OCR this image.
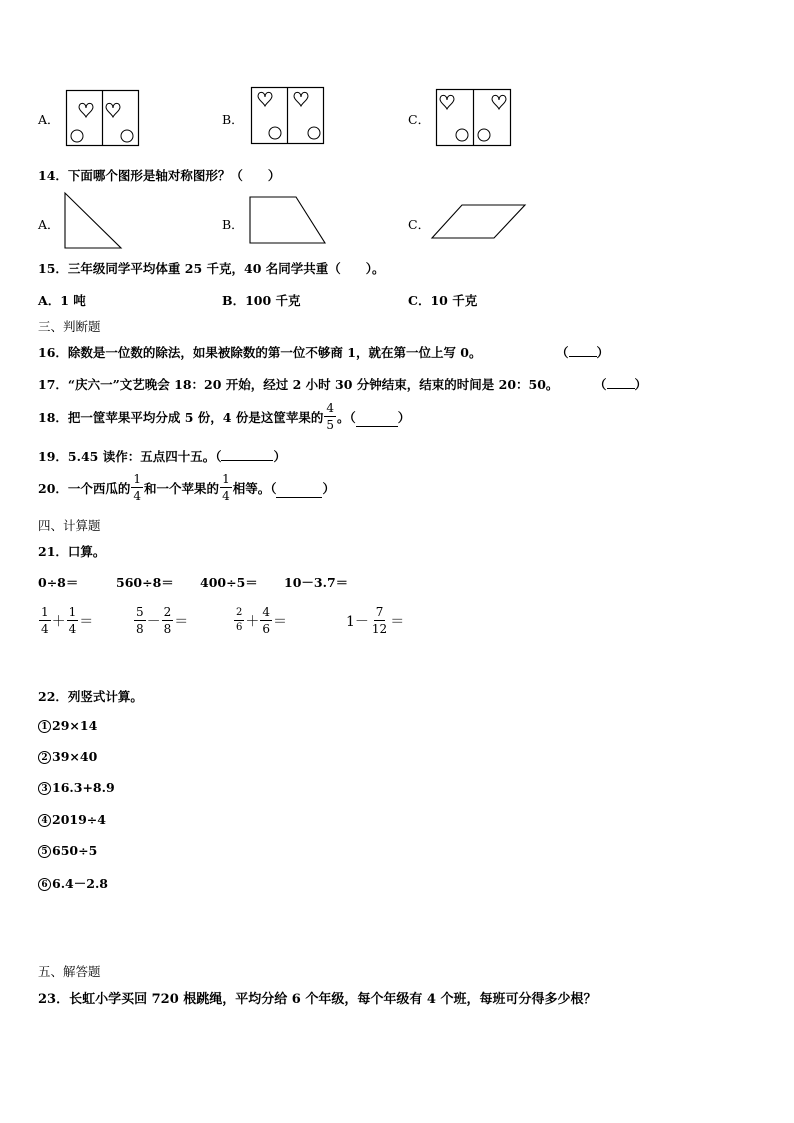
A．	B．	C．
14．下面哪个图形是轴对称图形？（　　）
A．	B．	C．
15．三年级同学平均体重 25 千克，40 名同学共重（　　）。
A．1 吨	B．100 千克	C．10 千克
三、判断题
16．除数是一位数的除法，如果被除数的第一位不够商 1，就在第一位上写 0。	（ ）
17．“庆六一”文艺晚会 18：20 开始，经过 2 小时 30 分钟结束，结束的时间是 20：50。	（ ）
18．把一筐苹果平均分成 5 份，4 份是这筐苹果的 $\frac{4}{5}$ 。（	）
19．5.45 读作：五点四十五。（	）
20．一个西瓜的 $\frac{1}{4}$ 和一个苹果的 $\frac{1}{4}$ 相等。（	）
四、计算题
21．口算。
0÷8＝	560÷8＝ 400÷5＝ 10－3.7＝
$\frac{1}{4} + \frac{1}{4}$ ＝	$\frac{5}{8} - \frac{2}{8}$ ＝	$\frac{2}{6} + \frac{4}{6}$ ＝	$1- \frac{7}{12}$ ＝
22．列竖式计算。
1 29×14
2 39×40
3 16.3+8.9
4 2019÷4
5 650÷5
6 6.4－2.8
五、解答题
23．长虹小学买回 720 根跳绳，平均分给 6 个年级，每个年级有 4 个班，每班可分得多少根？
